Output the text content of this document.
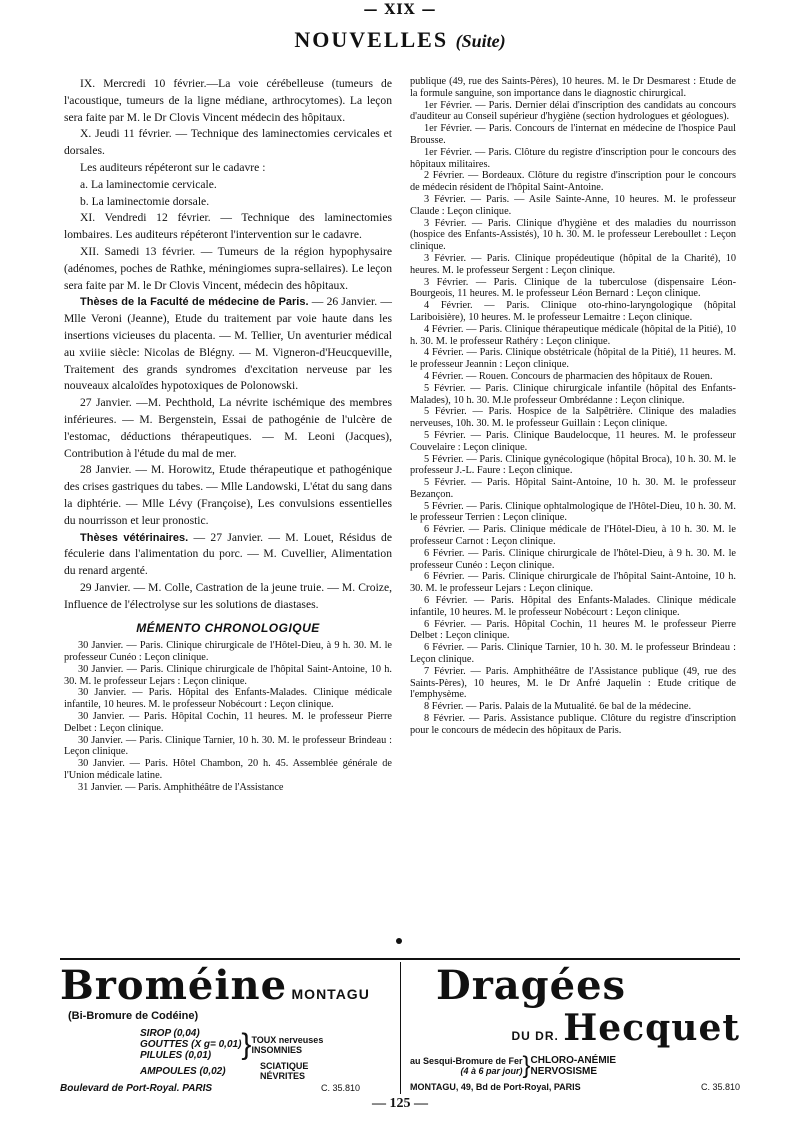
— XIX —
NOUVELLES (Suite)

IX. Mercredi 10 février.—La voie cérébelleuse (tumeurs de l'acoustique, tumeurs de la ligne médiane, arthrocytomes). La leçon sera faite par M. le Dr Clovis Vincent médecin des hôpitaux.

X. Jeudi 11 février. — Technique des laminectomies cervicales et dorsales.

Les auditeurs répéteront sur le cadavre :

a. La laminectomie cervicale.

b. La laminectomie dorsale.

XI. Vendredi 12 février. — Technique des laminectomies lombaires. Les auditeurs répéteront l'intervention sur le cadavre.

XII. Samedi 13 février. — Tumeurs de la région hypophysaire (adénomes, poches de Rathke, méningiomes supra-sellaires). Le leçon sera faite par M. le Dr Clovis Vincent, médecin des hôpitaux.

Thèses de la Faculté de médecine de Paris. — 26 Janvier. — Mlle Veroni (Jeanne), Etude du traitement par voie haute dans les insertions vicieuses du placenta. — M. Tellier, Un aventurier médical au xviiie siècle: Nicolas de Blégny. — M. Vigneron-d'Heucqueville, Traitement des grands syndromes d'excitation nerveuse par les nouveaux alcaloïdes hypotoxiques de Polonowski.

27 Janvier. —M. Pechthold, La névrite ischémique des membres inférieures. — M. Bergenstein, Essai de pathogénie de l'ulcère de l'estomac, déductions thérapeutiques. — M. Leoni (Jacques), Contribution à l'étude du mal de mer.

28 Janvier. — M. Horowitz, Etude thérapeutique et pathogénique des crises gastriques du tabes. — Mlle Landowski, L'état du sang dans la diphtérie. — Mlle Lévy (Françoise), Les convulsions essentielles du nourrisson et leur pronostic.

Thèses vétérinaires. — 27 Janvier. — M. Louet, Résidus de féculerie dans l'alimentation du porc. — M. Cuvellier, Alimentation du renard argenté.

29 Janvier. — M. Colle, Castration de la jeune truie. — M. Croize, Influence de l'électrolyse sur les solutions de diastases.

MÉMENTO CHRONOLOGIQUE

30 Janvier. — Paris. Clinique chirurgicale de l'Hôtel-Dieu, à 9 h. 30. M. le professeur Cunéo : Leçon clinique.

30 Janvier. — Paris. Clinique chirurgicale de l'hôpital Saint-Antoine, 10 h. 30. M. le professeur Lejars : Leçon clinique.

30 Janvier. — Paris. Hôpital des Enfants-Malades. Clinique médicale infantile, 10 heures. M. le professeur Nobécourt : Leçon clinique.

30 Janvier. — Paris. Hôpital Cochin, 11 heures. M. le professeur Pierre Delbet : Leçon clinique.

30 Janvier. — Paris. Clinique Tarnier, 10 h. 30. M. le professeur Brindeau : Leçon clinique.

30 Janvier. — Paris. Hôtel Chambon, 20 h. 45. Assemblée générale de l'Union médicale latine.

31 Janvier. — Paris. Amphithéâtre de l'Assistance

publique (49, rue des Saints-Pères), 10 heures. M. le Dr Desmarest : Etude de la formule sanguine, son importance dans le diagnostic chirurgical.

1er Février. — Paris. Dernier délai d'inscription des candidats au concours d'auditeur au Conseil supérieur d'hygiène (section hydrologues et géologues).

1er Février. — Paris. Concours de l'internat en médecine de l'hospice Paul Brousse.

1er Février. — Paris. Clôture du registre d'inscription pour le concours des hôpitaux militaires.

2 Février. — Bordeaux. Clôture du registre d'inscription pour le concours de médecin résident de l'hôpital Saint-Antoine.

3 Février. — Paris. — Asile Sainte-Anne, 10 heures. M. le professeur Claude : Leçon clinique.

3 Février. — Paris. Clinique d'hygiène et des maladies du nourrisson (hospice des Enfants-Assistés), 10 h. 30. M. le professeur Lereboullet : Leçon clinique.

3 Février. — Paris. Clinique propédeutique (hôpital de la Charité), 10 heures. M. le professeur Sergent : Leçon clinique.

3 Février. — Paris. Clinique de la tuberculose (dispensaire Léon-Bourgeois, 11 heures. M. le professeur Léon Bernard : Leçon clinique.

4 Février. — Paris. Clinique oto-rhino-laryngologique (hôpital Lariboisière), 10 heures. M. le professeur Lemaitre : Leçon clinique.

4 Février. — Paris. Clinique thérapeutique médicale (hôpital de la Pitié), 10 h. 30. M. le professeur Rathéry : Leçon clinique.

4 Février. — Paris. Clinique obstétricale (hôpital de la Pitié), 11 heures. M. le professeur Jeannin : Leçon clinique.

4 Février. — Rouen. Concours de pharmacien des hôpitaux de Rouen.

5 Février. — Paris. Clinique chirurgicale infantile (hôpital des Enfants-Malades), 10 h. 30. M.le professeur Ombrédanne : Leçon clinique.

5 Février. — Paris. Hospice de la Salpêtrière. Clinique des maladies nerveuses, 10h. 30. M. le professeur Guillain : Leçon clinique.

5 Février. — Paris. Clinique Baudelocque, 11 heures. M. le professeur Couvelaire : Leçon clinique.

5 Février. — Paris. Clinique gynécologique (hôpital Broca), 10 h. 30. M. le professeur J.-L. Faure : Leçon clinique.

5 Février. — Paris. Hôpital Saint-Antoine, 10 h. 30. M. le professeur Bezançon.

5 Février. — Paris. Clinique ophtalmologique de l'Hôtel-Dieu, 10 h. 30. M. le professeur Terrien : Leçon clinique.

6 Février. — Paris. Clinique médicale de l'Hôtel-Dieu, à 10 h. 30. M. le professeur Carnot : Leçon clinique.

6 Février. — Paris. Clinique chirurgicale de l'hôtel-Dieu, à 9 h. 30. M. le professeur Cunéo : Leçon clinique.

6 Février. — Paris. Clinique chirurgicale de l'hôpital Saint-Antoine, 10 h. 30. M. le professeur Lejars : Leçon clinique.

6 Février. — Paris. Hôpital des Enfants-Malades. Clinique médicale infantile, 10 heures. M. le professeur Nobécourt : Leçon clinique.

6 Février. — Paris. Hôpital Cochin, 11 heures M. le professeur Pierre Delbet : Leçon clinique.

6 Février. — Paris. Clinique Tarnier, 10 h. 30. M. le professeur Brindeau : Leçon clinique.

7 Février. — Paris. Amphithéâtre de l'Assistance publique (49, rue des Saints-Pères), 10 heures, M. le Dr Anfré Jaquelin : Etude critique de l'emphysème.

8 Février. — Paris. Palais de la Mutualité. 6e bal de la médecine.

8 Février. — Paris. Assistance publique. Clôture du registre d'inscription pour le concours de médecin des hôpitaux de Paris.

Broméine MONTAGU
(Bi-Bromure de Codéine)
SIROP (0,04)
GOUTTES (X g= 0,01)
PILULES (0,01)	} TOUX nerveuses
INSOMNIES
AMPOULES (0,02)	SCIATIQUE
NÉVRITES
Boulevard de Port-Royal. PARIS	C. 35.810
Dragées
DU DR. Hecquet
au Sesqui-Bromure de Fer
(4 à 6 par jour) } CHLORO-ANÉMIE
NERVOSISME
MONTAGU, 49, Bd de Port-Royal, PARIS	C. 35.810
— 125 —
